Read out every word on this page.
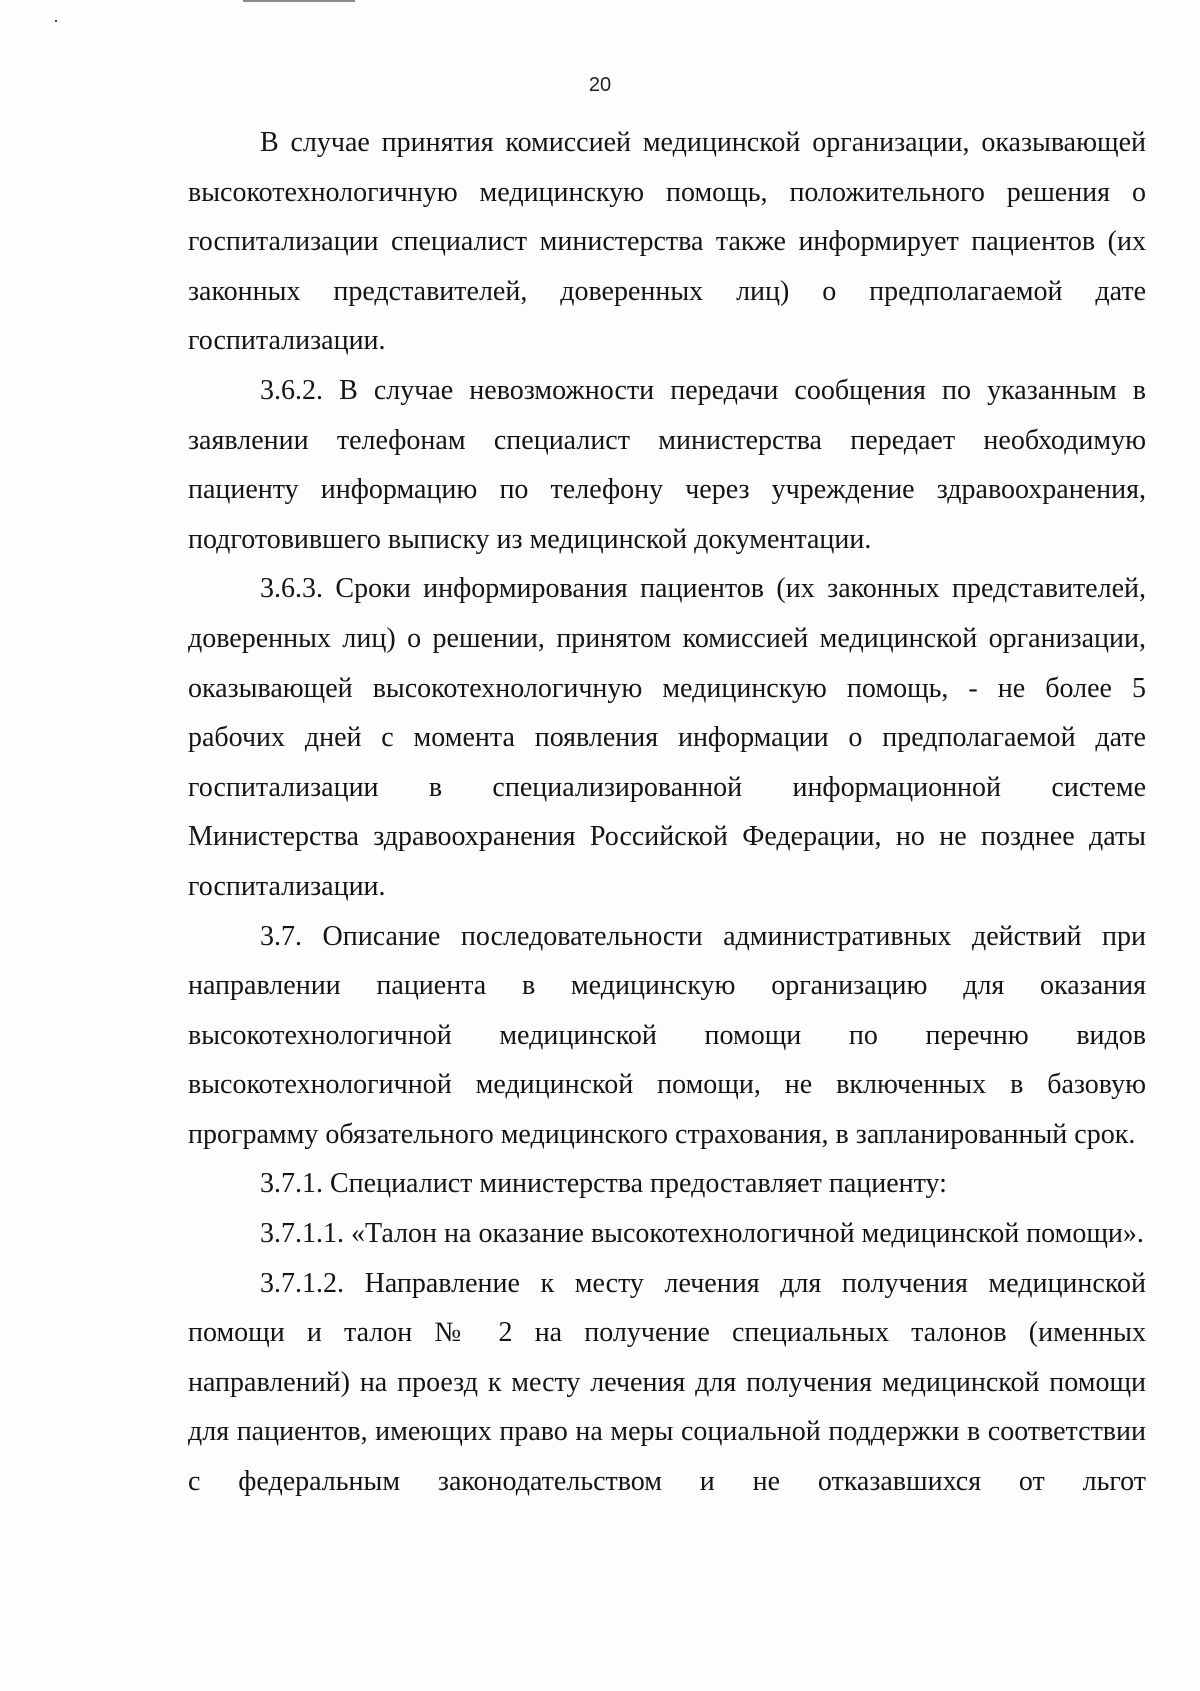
20

В случае принятия комиссией медицинской организации, оказывающей высокотехнологичную медицинскую помощь, положительного решения о госпитализации специалист министерства также информирует пациентов (их законных представителей, доверенных лиц) о предполагаемой дате госпитализации.

3.6.2. В случае невозможности передачи сообщения по указанным в заявлении телефонам специалист министерства передает необходимую пациенту информацию по телефону через учреждение здравоохранения, подготовившего выписку из медицинской документации.

3.6.3. Сроки информирования пациентов (их законных представителей, доверенных лиц) о решении, принятом комиссией медицинской организации, оказывающей высокотехнологичную медицинскую помощь, - не более 5 рабочих дней с момента появления информации о предполагаемой дате госпитализации в специализированной информационной системе Министерства здравоохранения Российской Федерации, но не позднее даты госпитализации.

3.7. Описание последовательности административных действий при направлении пациента в медицинскую организацию для оказания высокотехнологичной медицинской помощи по перечню видов высокотехнологичной медицинской помощи, не включенных в базовую программу обязательного медицинского страхования, в запланированный срок.

3.7.1. Специалист министерства предоставляет пациенту:

3.7.1.1. «Талон на оказание высокотехнологичной медицинской помощи».

3.7.1.2. Направление к месту лечения для получения медицинской помощи и талон № 2 на получение специальных талонов (именных направлений) на проезд к месту лечения для получения медицинской помощи для пациентов, имеющих право на меры социальной поддержки в соответствии с федеральным законодательством и не отказавшихся от льгот
